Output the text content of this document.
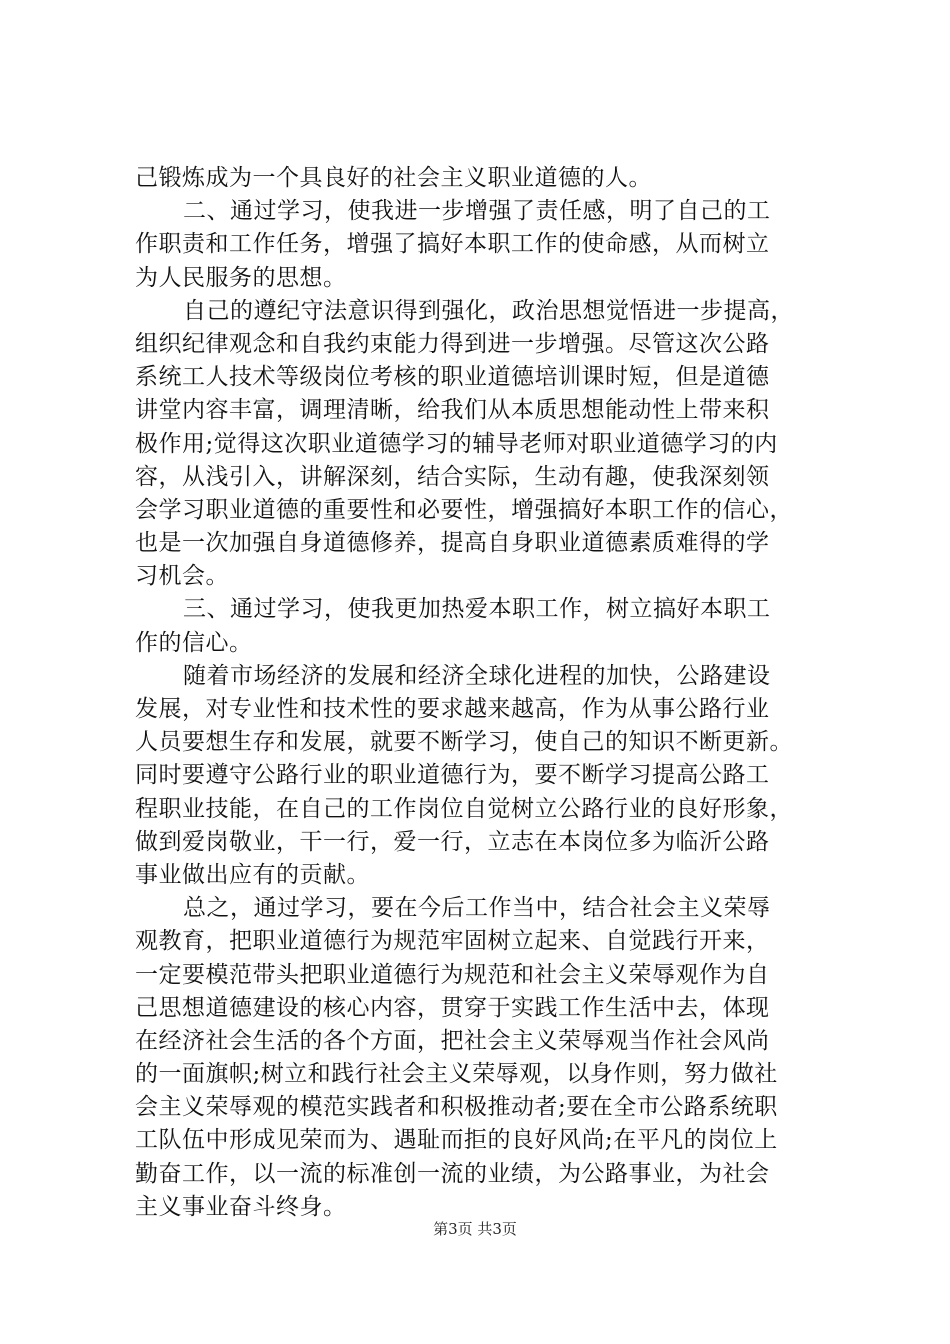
己锻炼成为一个具良好的社会主义职业道德的人。
二、通过学习，使我进一步增强了责任感，明了自己的工
作职责和工作任务，增强了搞好本职工作的使命感，从而树立
为人民服务的思想。
自己的遵纪守法意识得到强化，政治思想觉悟进一步提高，
组织纪律观念和自我约束能力得到进一步增强。尽管这次公路
系统工人技术等级岗位考核的职业道德培训课时短，但是道德
讲堂内容丰富，调理清晰，给我们从本质思想能动性上带来积
极作用;觉得这次职业道德学习的辅导老师对职业道德学习的内
容，从浅引入，讲解深刻，结合实际，生动有趣，使我深刻领
会学习职业道德的重要性和必要性，增强搞好本职工作的信心，
也是一次加强自身道德修养，提高自身职业道德素质难得的学
习机会。
三、通过学习，使我更加热爱本职工作，树立搞好本职工
作的信心。
随着市场经济的发展和经济全球化进程的加快，公路建设
发展，对专业性和技术性的要求越来越高，作为从事公路行业
人员要想生存和发展，就要不断学习，使自己的知识不断更新。
同时要遵守公路行业的职业道德行为，要不断学习提高公路工
程职业技能，在自己的工作岗位自觉树立公路行业的良好形象，
做到爱岗敬业，干一行，爱一行，立志在本岗位多为临沂公路
事业做出应有的贡献。
总之，通过学习，要在今后工作当中，结合社会主义荣辱
观教育，把职业道德行为规范牢固树立起来、自觉践行开来，
一定要模范带头把职业道德行为规范和社会主义荣辱观作为自
己思想道德建设的核心内容，贯穿于实践工作生活中去，体现
在经济社会生活的各个方面，把社会主义荣辱观当作社会风尚
的一面旗帜;树立和践行社会主义荣辱观，以身作则，努力做社
会主义荣辱观的模范实践者和积极推动者;要在全市公路系统职
工队伍中形成见荣而为、遇耻而拒的良好风尚;在平凡的岗位上
勤奋工作，以一流的标准创一流的业绩，为公路事业，为社会
主义事业奋斗终身。
第3页 共3页
